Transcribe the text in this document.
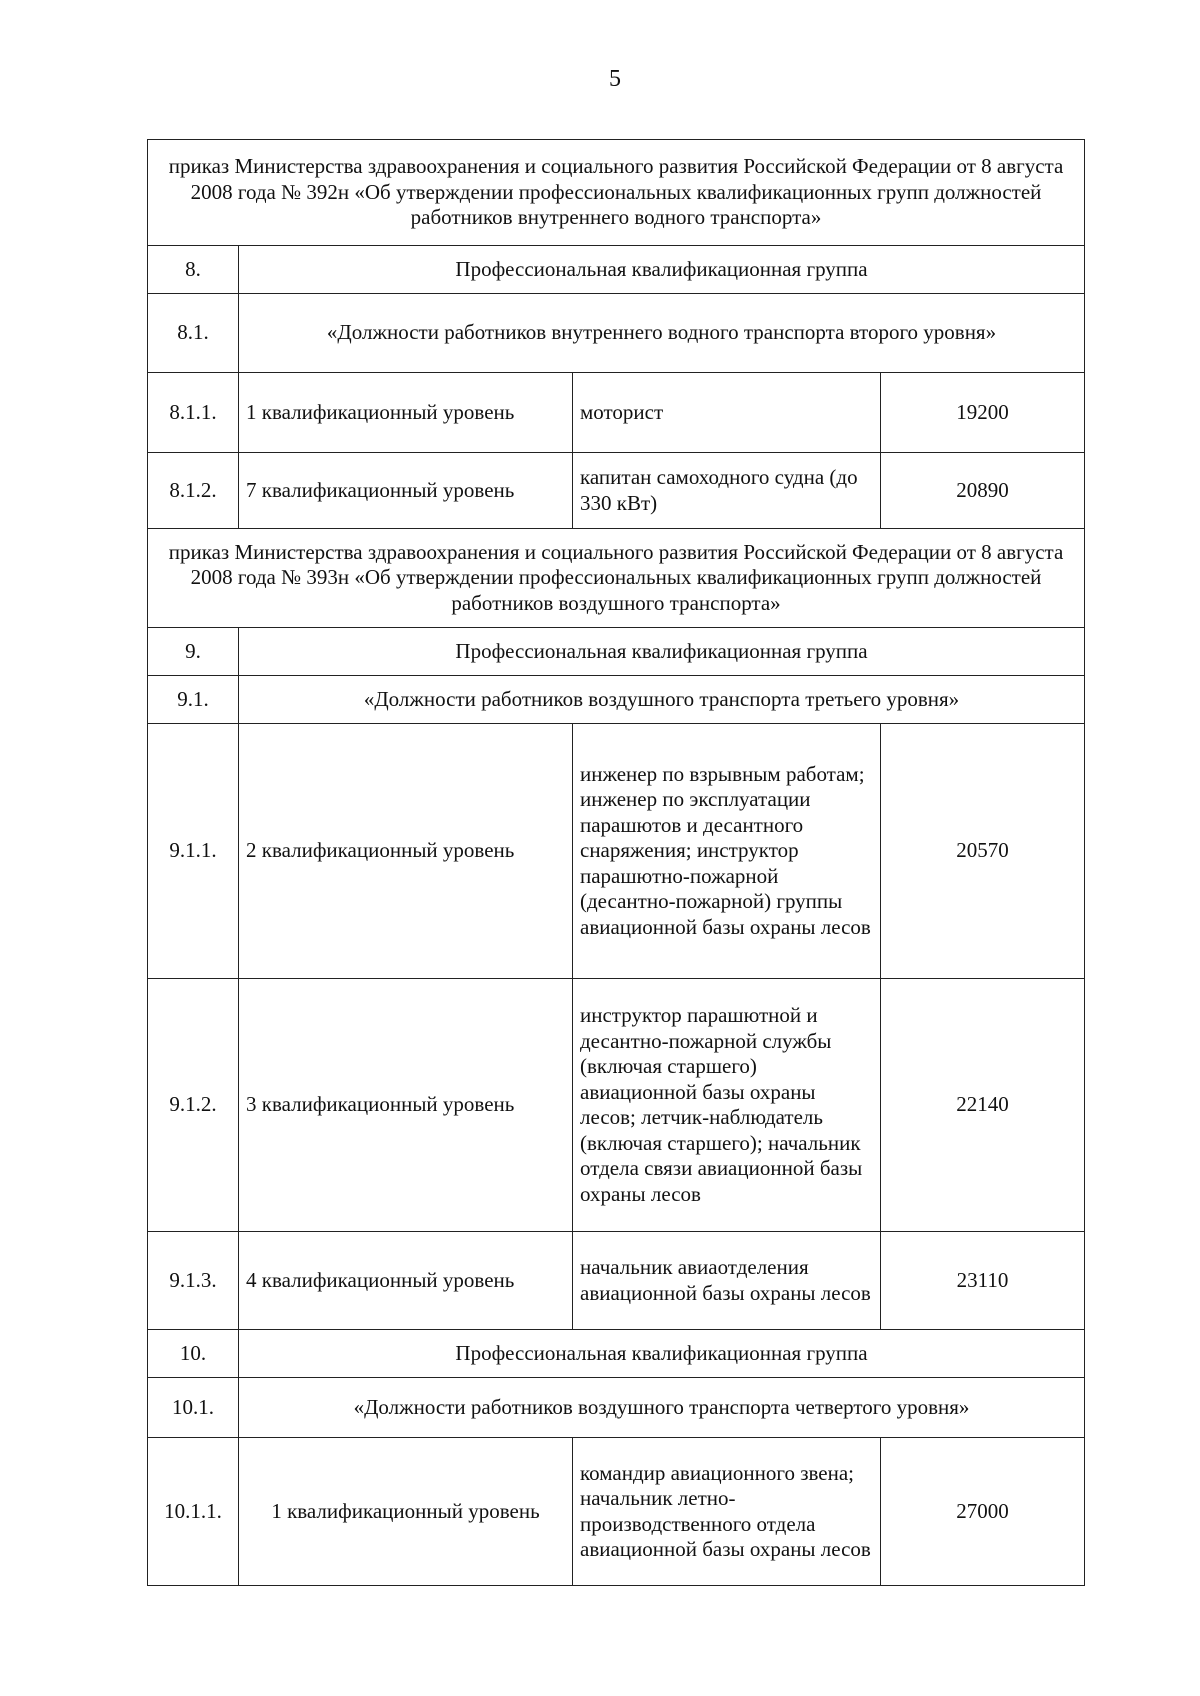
5
приказ Министерства здравоохранения и социального развития Российской Федерации от 8 августа 2008 года № 392н «Об утверждении профессиональных квалификационных групп должностей работников внутреннего водного транспорта»			
8.	Профессиональная квалификационная группа		
8.1.	«Должности работников внутреннего водного транспорта второго уровня»		
8.1.1.	1 квалификационный уровень	моторист	19200
8.1.2.	7 квалификационный уровень	капитан самоходного судна (до 330 кВт)	20890
приказ Министерства здравоохранения и социального развития Российской Федерации от 8 августа 2008 года № 393н «Об утверждении профессиональных квалификационных групп должностей работников воздушного транспорта»			
9.	Профессиональная квалификационная группа		
9.1.	«Должности работников воздушного транспорта третьего уровня»		
9.1.1.	2 квалификационный уровень	инженер по взрывным работам; инженер по эксплуатации парашютов и десантного снаряжения; инструктор парашютно-пожарной (десантно-пожарной) группы авиационной базы охраны лесов	20570
9.1.2.	3 квалификационный уровень	инструктор парашютной и десантно-пожарной службы (включая старшего) авиационной базы охраны лесов; летчик-наблюдатель (включая старшего); начальник отдела связи авиационной базы охраны лесов	22140
9.1.3.	4 квалификационный уровень	начальник авиаотделения авиационной базы охраны лесов	23110
10.	Профессиональная квалификационная группа		
10.1.	«Должности работников воздушного транспорта четвертого уровня»		
10.1.1.	1 квалификационный уровень	командир авиационного звена; начальник летно-производственного отдела авиационной базы охраны лесов	27000
